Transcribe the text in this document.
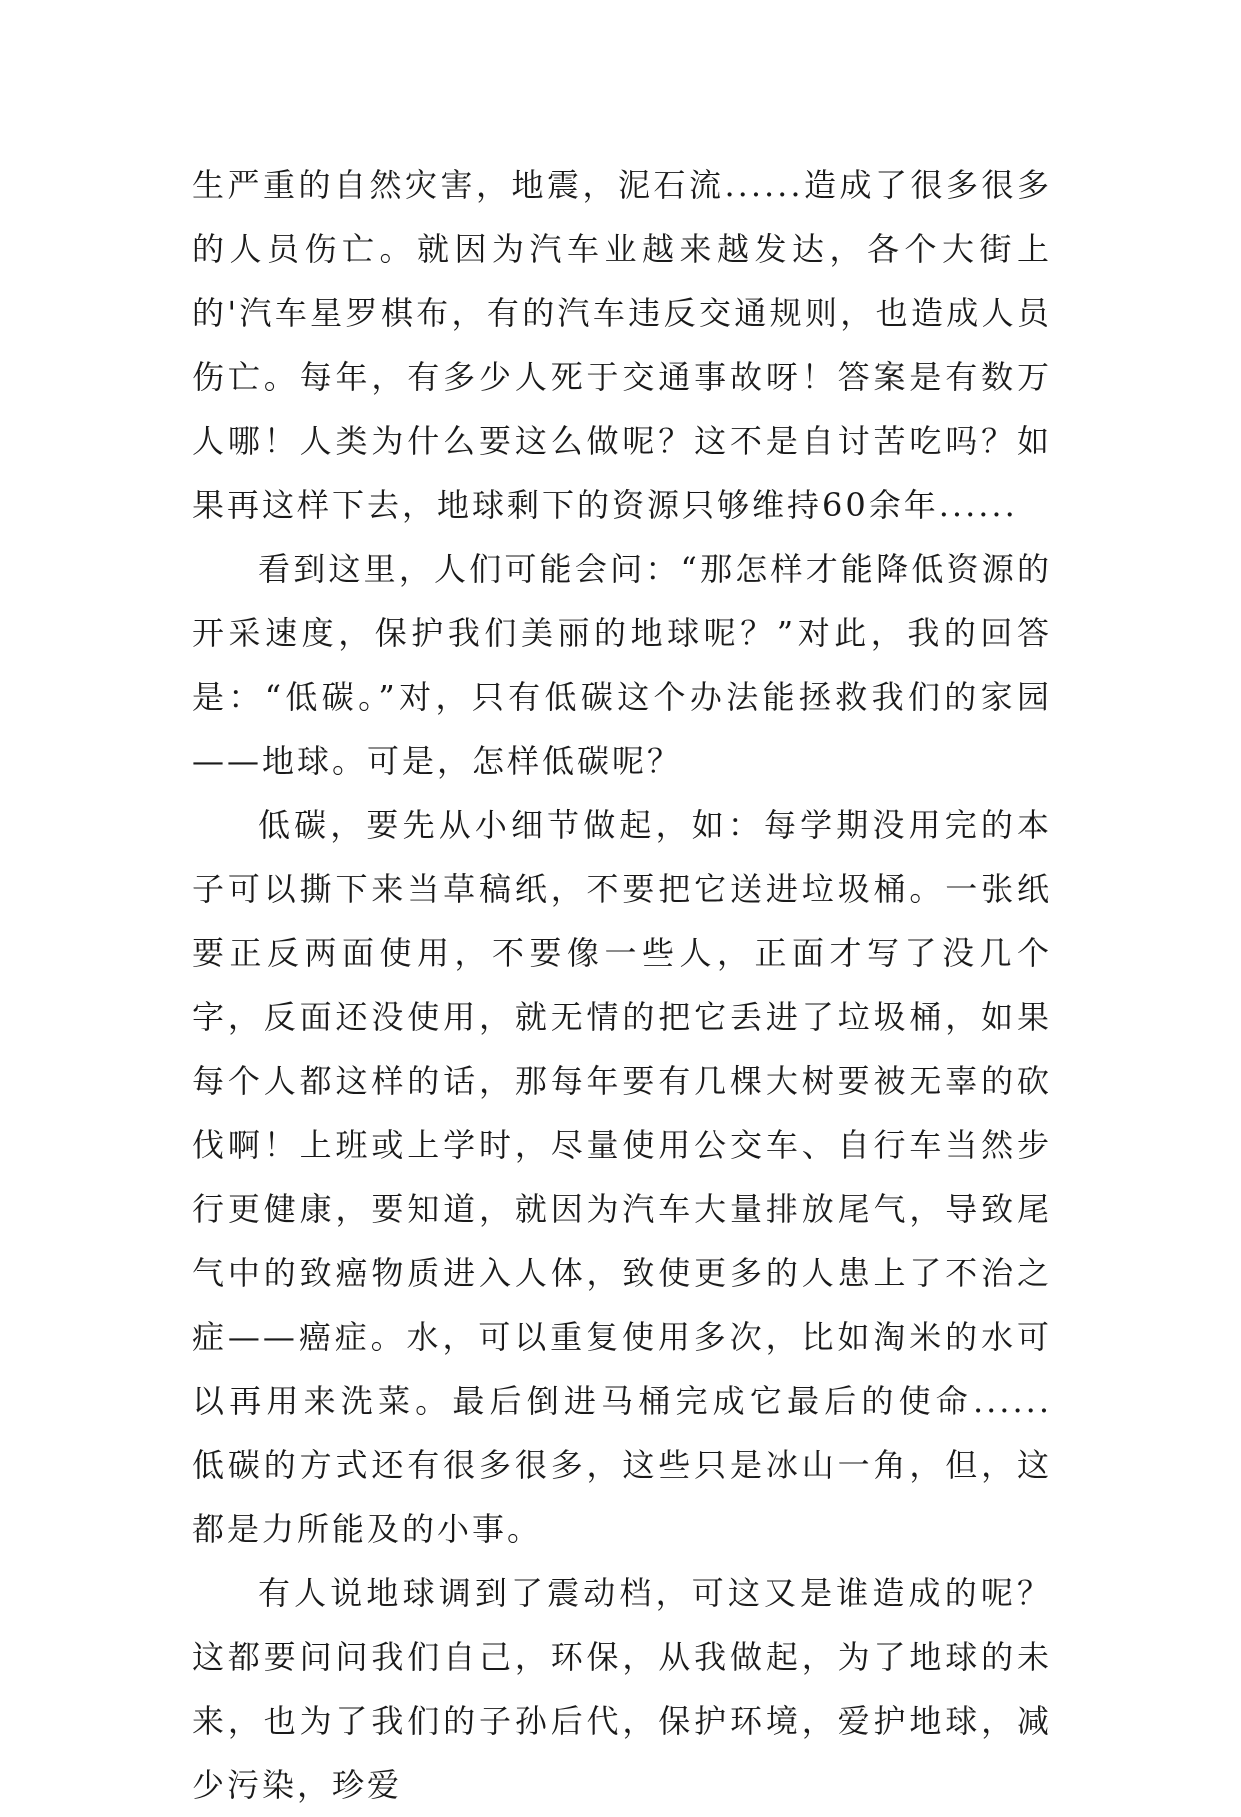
生严重的自然灾害，地震，泥石流......造成了很多很多的人员伤亡。就因为汽车业越来越发达，各个大街上的'汽车星罗棋布，有的汽车违反交通规则，也造成人员伤亡。每年，有多少人死于交通事故呀！答案是有数万人哪！人类为什么要这么做呢？这不是自讨苦吃吗？如果再这样下去，地球剩下的资源只够维持60余年......

看到这里，人们可能会问：“那怎样才能降低资源的开采速度，保护我们美丽的地球呢？”对此，我的回答是：“低碳。”对，只有低碳这个办法能拯救我们的家园——地球。可是，怎样低碳呢？

低碳，要先从小细节做起，如：每学期没用完的本子可以撕下来当草稿纸，不要把它送进垃圾桶。一张纸要正反两面使用，不要像一些人，正面才写了没几个字，反面还没使用，就无情的把它丢进了垃圾桶，如果每个人都这样的话，那每年要有几棵大树要被无辜的砍伐啊！上班或上学时，尽量使用公交车、自行车当然步行更健康，要知道，就因为汽车大量排放尾气，导致尾气中的致癌物质进入人体，致使更多的人患上了不治之症——癌症。水，可以重复使用多次，比如淘米的水可以再用来洗菜。最后倒进马桶完成它最后的使命...... 低碳的方式还有很多很多，这些只是冰山一角，但，这都是力所能及的小事。

有人说地球调到了震动档，可这又是谁造成的呢？这都要问问我们自己，环保，从我做起，为了地球的未来，也为了我们的子孙后代，保护环境，爱护地球，减少污染，珍爱
